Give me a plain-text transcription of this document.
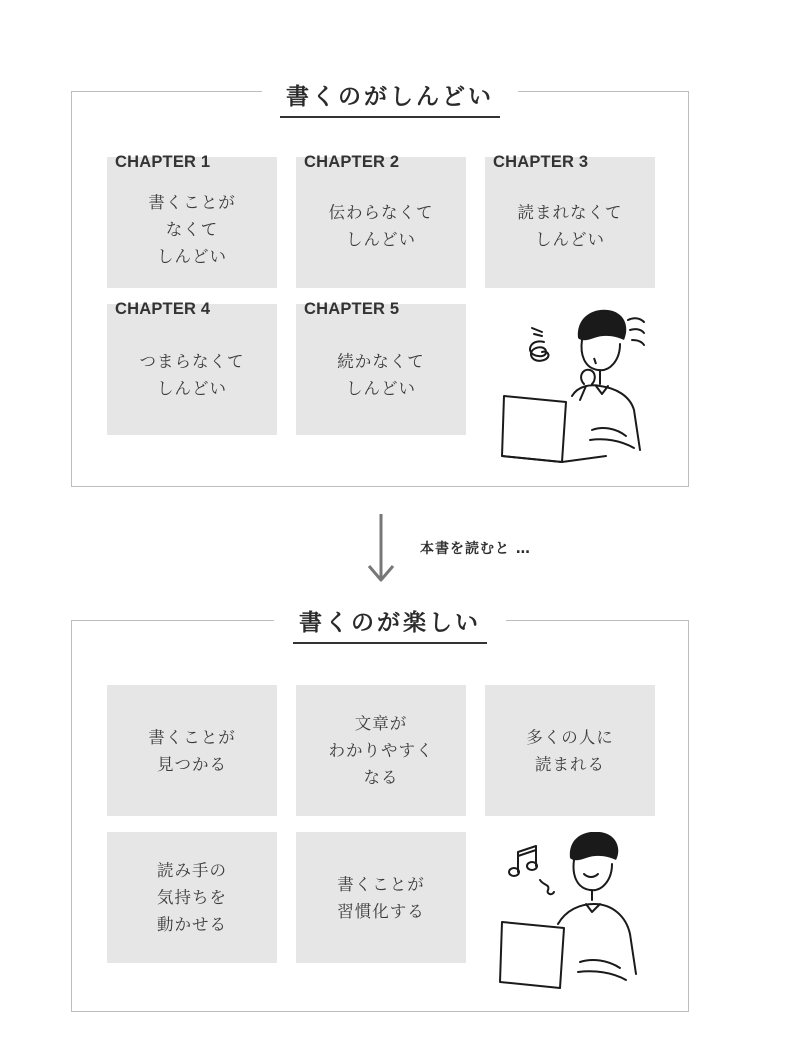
書くのがしんどい
CHAPTER 1
書くことが
なくて
しんどい
CHAPTER 2
伝わらなくて
しんどい
CHAPTER 3
読まれなくて
しんどい
CHAPTER 4
つまらなくて
しんどい
CHAPTER 5
続かなくて
しんどい
本書を読むと …
書くのが楽しい
書くことが
見つかる
文章が
わかりやすく
なる
多くの人に
読まれる
読み手の
気持ちを
動かせる
書くことが
習慣化する
